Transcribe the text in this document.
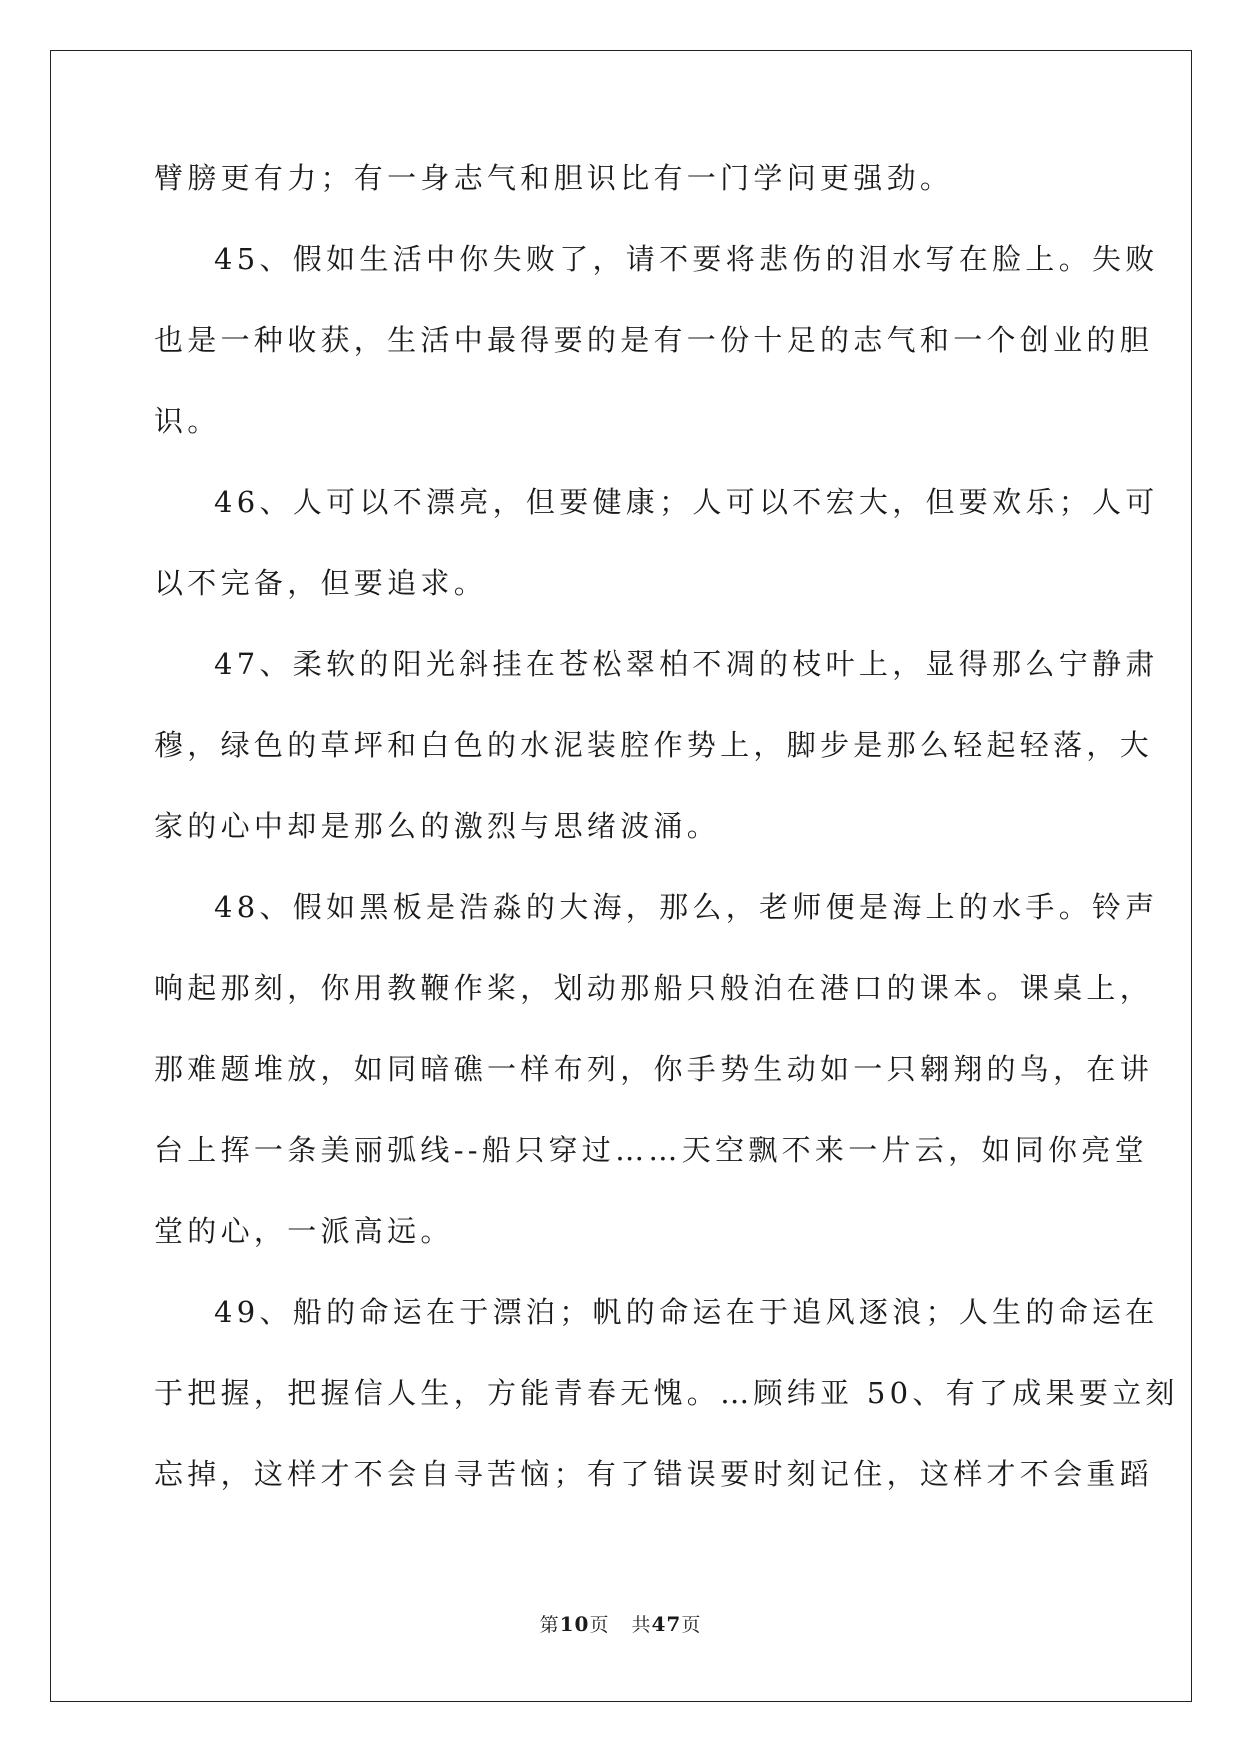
臂膀更有力；有一身志气和胆识比有一门学问更强劲。

45、假如生活中你失败了，请不要将悲伤的泪水写在脸上。失败

也是一种收获，生活中最得要的是有一份十足的志气和一个创业的胆

识。

46、人可以不漂亮，但要健康；人可以不宏大，但要欢乐；人可

以不完备，但要追求。

47、柔软的阳光斜挂在苍松翠柏不凋的枝叶上，显得那么宁静肃

穆，绿色的草坪和白色的水泥装腔作势上，脚步是那么轻起轻落，大

家的心中却是那么的激烈与思绪波涌。

48、假如黑板是浩淼的大海，那么，老师便是海上的水手。铃声

响起那刻，你用教鞭作桨，划动那船只般泊在港口的课本。课桌上，

那难题堆放，如同暗礁一样布列，你手势生动如一只翱翔的鸟，在讲

台上挥一条美丽弧线--船只穿过……天空飘不来一片云，如同你亮堂

堂的心，一派高远。

49、船的命运在于漂泊；帆的命运在于追风逐浪；人生的命运在

于把握，把握信人生，方能青春无愧。…顾纬亚 50、有了成果要立刻

忘掉，这样才不会自寻苦恼；有了错误要时刻记住，这样才不会重蹈

第10页 共47页
